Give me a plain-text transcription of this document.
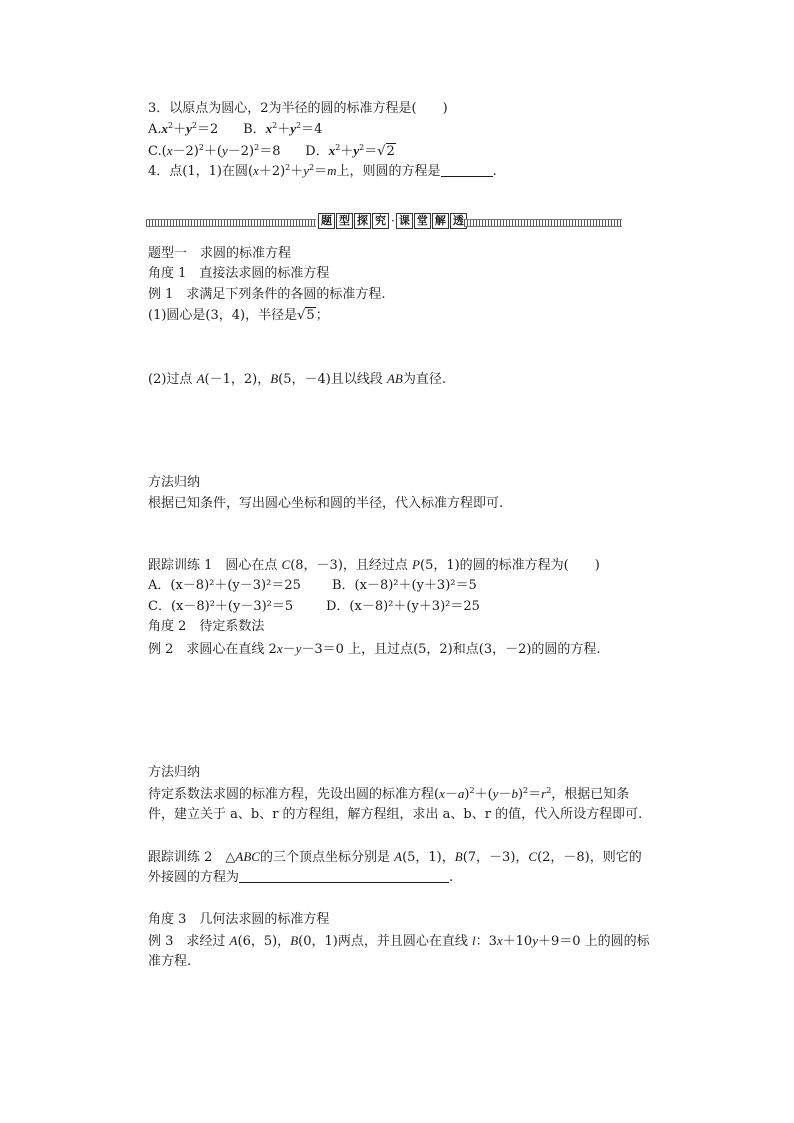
3．以原点为圆心，2为半径的圆的标准方程是(　　)
$A.x^2+y^2=2$      B．$x^2+y^2=4$
$C.(x-2)^2+(y-2)^2=8$      D．$x^2+y^2=√2$
4．点(1，1)在圆$(x+2)^2+y^2=m$上，则圆的方程是	.
题 型 探 究 · 课 堂 解 透
题型一　求圆的标准方程
角度 1　直接法求圆的标准方程
例 1　求满足下列条件的各圆的标准方程.
(1)圆心是(3，4)，半径是√5；
(2)过点 A(－1，2)，B(5，－4)且以线段 AB为直径.
方法归纳
根据已知条件，写出圆心坐标和圆的半径，代入标准方程即可.
跟踪训练 1　圆心在点 C(8，－3)，且经过点 P(5，1)的圆的标准方程为(　　)
A．(x－8)²＋(y－3)²＝25 B．(x－8)²＋(y＋3)²＝5
C．(x－8)²＋(y－3)²＝5	D．(x－8)²＋(y＋3)²＝25
角度 2　待定系数法
例 2　求圆心在直线 2x－y－3＝0 上，且过点(5，2)和点(3，－2)的圆的方程.
方法归纳
待定系数法求圆的标准方程，先设出圆的标准方程$(x-a)^2+(y-b)^2=r^2$，根据已知条
件，建立关于 a、b、r 的方程组，解方程组，求出 a、b、r 的值，代入所设方程即可.
跟踪训练 2　△ABC的三个顶点坐标分别是 A(5，1)，B(7，－3)，C(2，－8)，则它的
外接圆的方程为	.
角度 3　几何法求圆的标准方程
例 3　求经过 A(6，5)，B(0，1)两点，并且圆心在直线 l：3x＋10y＋9＝0 上的圆的标
准方程.
